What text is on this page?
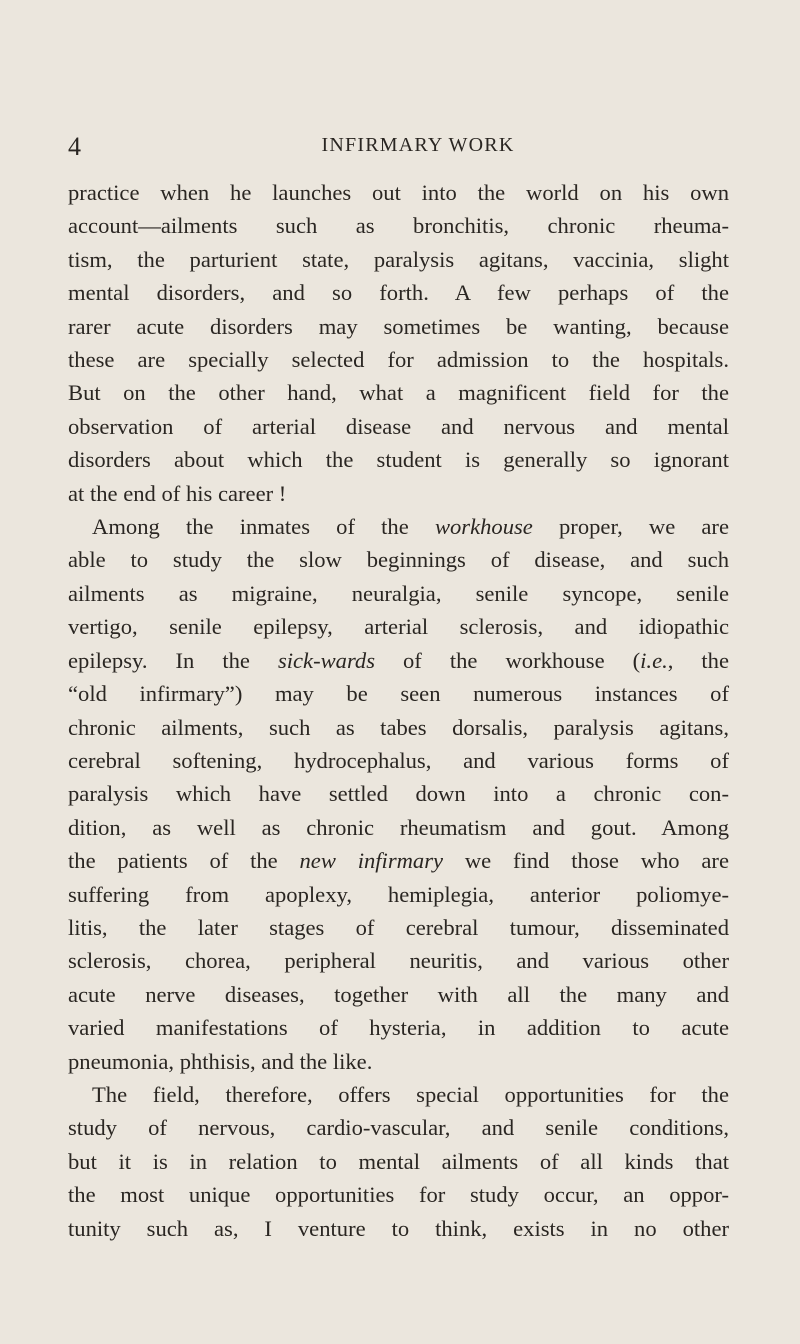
4	INFIRMARY WORK
practice when he launches out into the world on his own
account—ailments such as bronchitis, chronic rheuma-
tism, the parturient state, paralysis agitans, vaccinia, slight
mental disorders, and so forth. A few perhaps of the
rarer acute disorders may sometimes be wanting, because
these are specially selected for admission to the hospitals.
But on the other hand, what a magnificent field for the
observation of arterial disease and nervous and mental
disorders about which the student is generally so ignorant
at the end of his career !
Among the inmates of the workhouse proper, we are
able to study the slow beginnings of disease, and such
ailments as migraine, neuralgia, senile syncope, senile
vertigo, senile epilepsy, arterial sclerosis, and idiopathic
epilepsy. In the sick-wards of the workhouse (i.e., the
“old infirmary”) may be seen numerous instances of
chronic ailments, such as tabes dorsalis, paralysis agitans,
cerebral softening, hydrocephalus, and various forms of
paralysis which have settled down into a chronic con-
dition, as well as chronic rheumatism and gout. Among
the patients of the new infirmary we find those who are
suffering from apoplexy, hemiplegia, anterior poliomye-
litis, the later stages of cerebral tumour, disseminated
sclerosis, chorea, peripheral neuritis, and various other
acute nerve diseases, together with all the many and
varied manifestations of hysteria, in addition to acute
pneumonia, phthisis, and the like.
The field, therefore, offers special opportunities for the
study of nervous, cardio-vascular, and senile conditions,
but it is in relation to mental ailments of all kinds that
the most unique opportunities for study occur, an oppor-
tunity such as, I venture to think, exists in no other
